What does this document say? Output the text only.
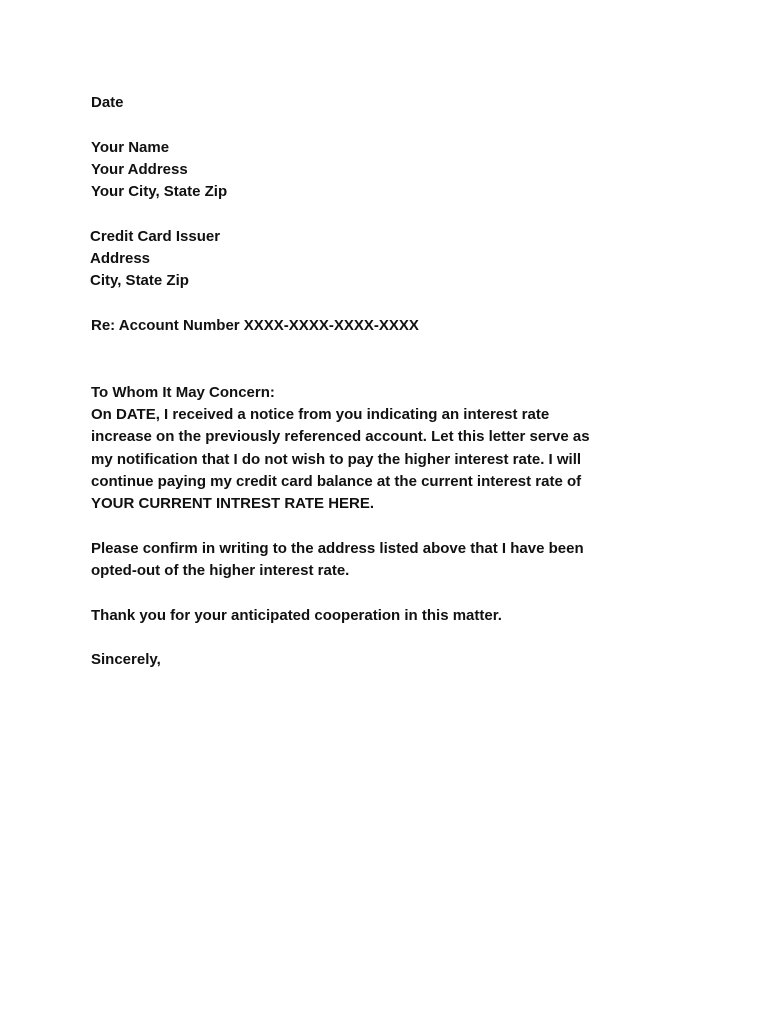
Date
Your Name
Your Address
Your City, State Zip
Credit Card Issuer
Address
City, State Zip
Re: Account Number XXXX-XXXX-XXXX-XXXX
To Whom It May Concern:
On DATE, I received a notice from you indicating an interest rate
increase on the previously referenced account. Let this letter serve as
my notification that I do not wish to pay the higher interest rate. I will
continue paying my credit card balance at the current interest rate of
YOUR CURRENT INTREST RATE HERE.
Please confirm in writing to the address listed above that I have been
opted-out of the higher interest rate.
Thank you for your anticipated cooperation in this matter.
Sincerely,
